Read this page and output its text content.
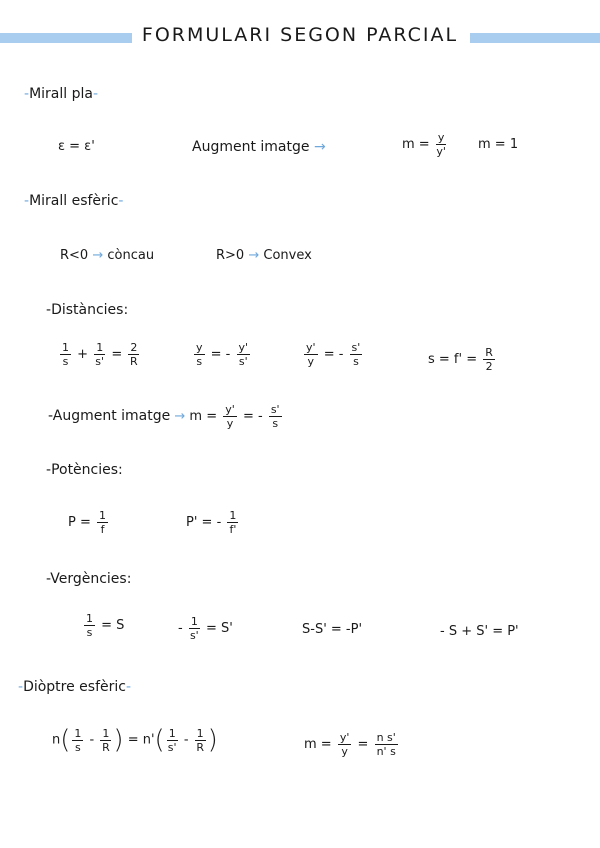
FORMULARI SEGON PARCIAL
-Mirall pla-
ε = ε'	Augment imatge →	$m = \frac{y}{y'}$ m = 1
-Mirall esfèric-
R<0 → còncau	R>0 → Convex
-Distàncies:
$\frac{1}{s} + \frac{1}{s'} = \frac{2}{R}$	$\frac{y}{s}$ = - $\frac{y'}{s'}$	$\frac{y'}{y}$ = - $\frac{s'}{s}$	$s = f' = \frac{R}{2}$
-Augment imatge → $m = \frac{y'}{y}$ = - $\frac{s'}{s}$
-Potències:
$P = \frac{1}{f}$	P' = - $\frac{1}{f'}$
-Vergències:
$\frac{1}{s} = S$	- $\frac{1}{s'} = S'$	S-S' = -P'	- S + S' = P'
-Diòptre esfèric-
$n( \frac{1}{s} - \frac{1}{R}$ ) = $n'( \frac{1}{s'} - \frac{1}{R}$ )	$m = \frac{y'}{y} = \frac{\text{n s'}}{n' s}$
